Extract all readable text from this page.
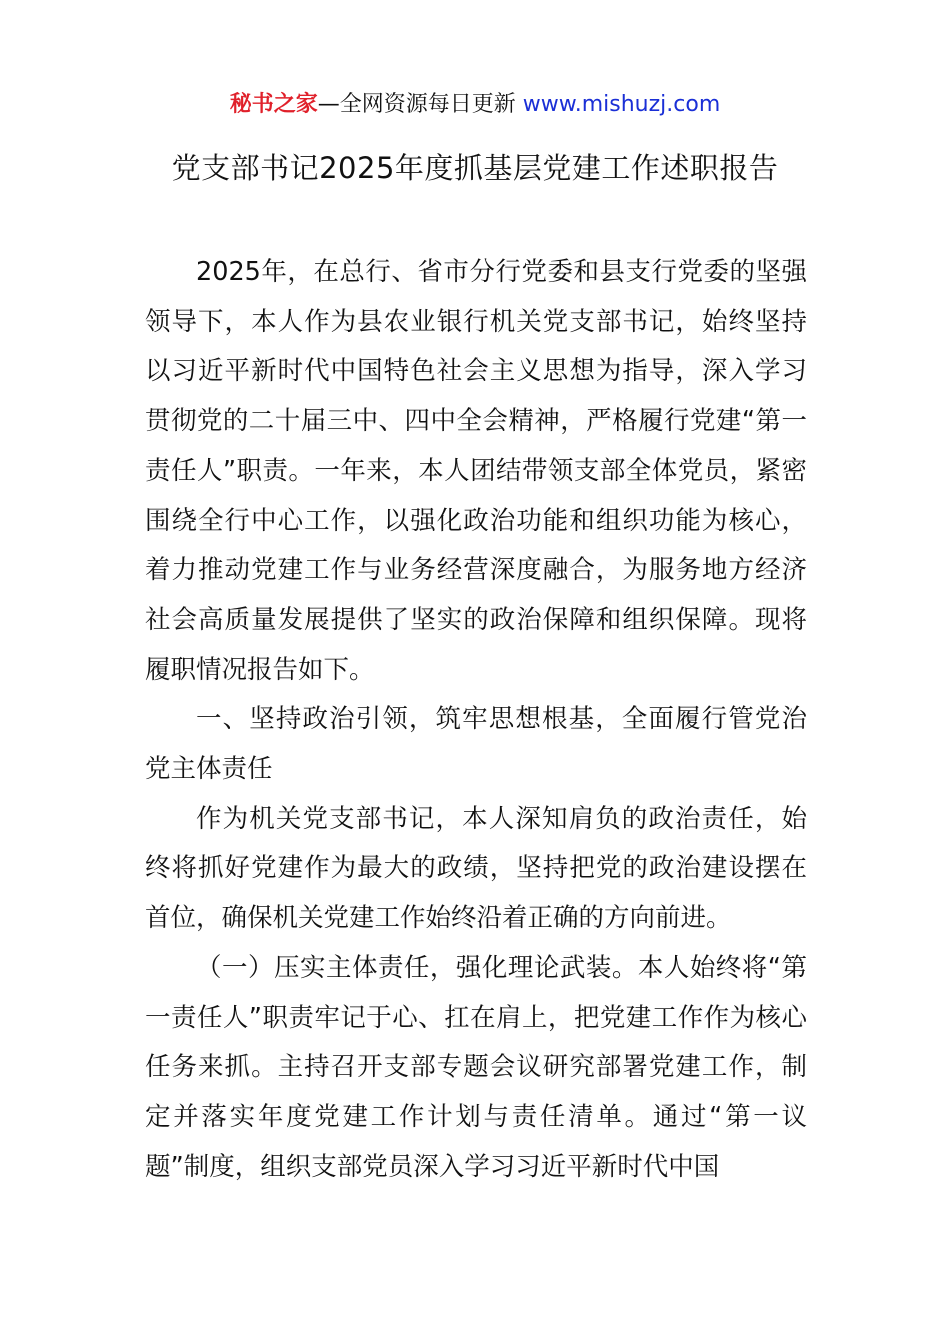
秘书之家—全网资源每日更新 www.mishuzj.com
党支部书记2025年度抓基层党建工作述职报告

2025年，在总行、省市分行党委和县支行党委的坚强领导下，本人作为县农业银行机关党支部书记，始终坚持以习近平新时代中国特色社会主义思想为指导，深入学习贯彻党的二十届三中、四中全会精神，严格履行党建“第一责任人”职责。一年来，本人团结带领支部全体党员，紧密围绕全行中心工作，以强化政治功能和组织功能为核心，着力推动党建工作与业务经营深度融合，为服务地方经济社会高质量发展提供了坚实的政治保障和组织保障。现将履职情况报告如下。

一、坚持政治引领，筑牢思想根基，全面履行管党治党主体责任

作为机关党支部书记，本人深知肩负的政治责任，始终将抓好党建作为最大的政绩，坚持把党的政治建设摆在首位，确保机关党建工作始终沿着正确的方向前进。

（一）压实主体责任，强化理论武装。本人始终将“第一责任人”职责牢记于心、扛在肩上，把党建工作作为核心任务来抓。主持召开支部专题会议研究部署党建工作，制定并落实年度党建工作计划与责任清单。通过“第一议题”制度，组织支部党员深入学习习近平新时代中国
